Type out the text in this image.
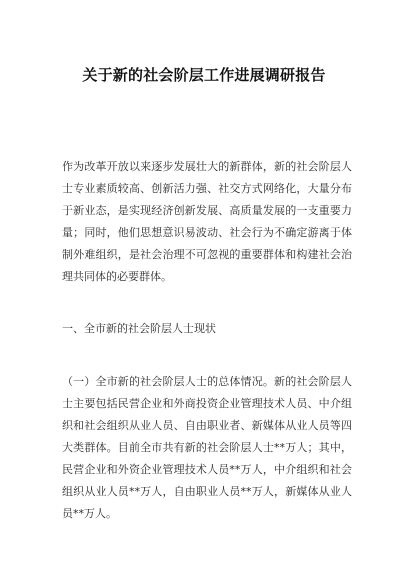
关于新的社会阶层工作进展调研报告

作为改革开放以来逐步发展壮大的新群体，新的社会阶层人士专业素质较高、创新活力强、社交方式网络化，大量分布于新业态，是实现经济创新发展、高质量发展的一支重要力量；同时，他们思想意识易波动、社会行为不确定游离于体制外难组织，是社会治理不可忽视的重要群体和构建社会治理共同体的必要群体。

一、全市新的社会阶层人士现状

（一）全市新的社会阶层人士的总体情况。新的社会阶层人士主要包括民营企业和外商投资企业管理技术人员、中介组织和社会组织从业人员、自由职业者、新媒体从业人员等四大类群体。目前全市共有新的社会阶层人士**万人；其中，民营企业和外资企业管理技术人员**万人，中介组织和社会组织从业人员**万人，自由职业人员**万人，新媒体从业人员**万人。
